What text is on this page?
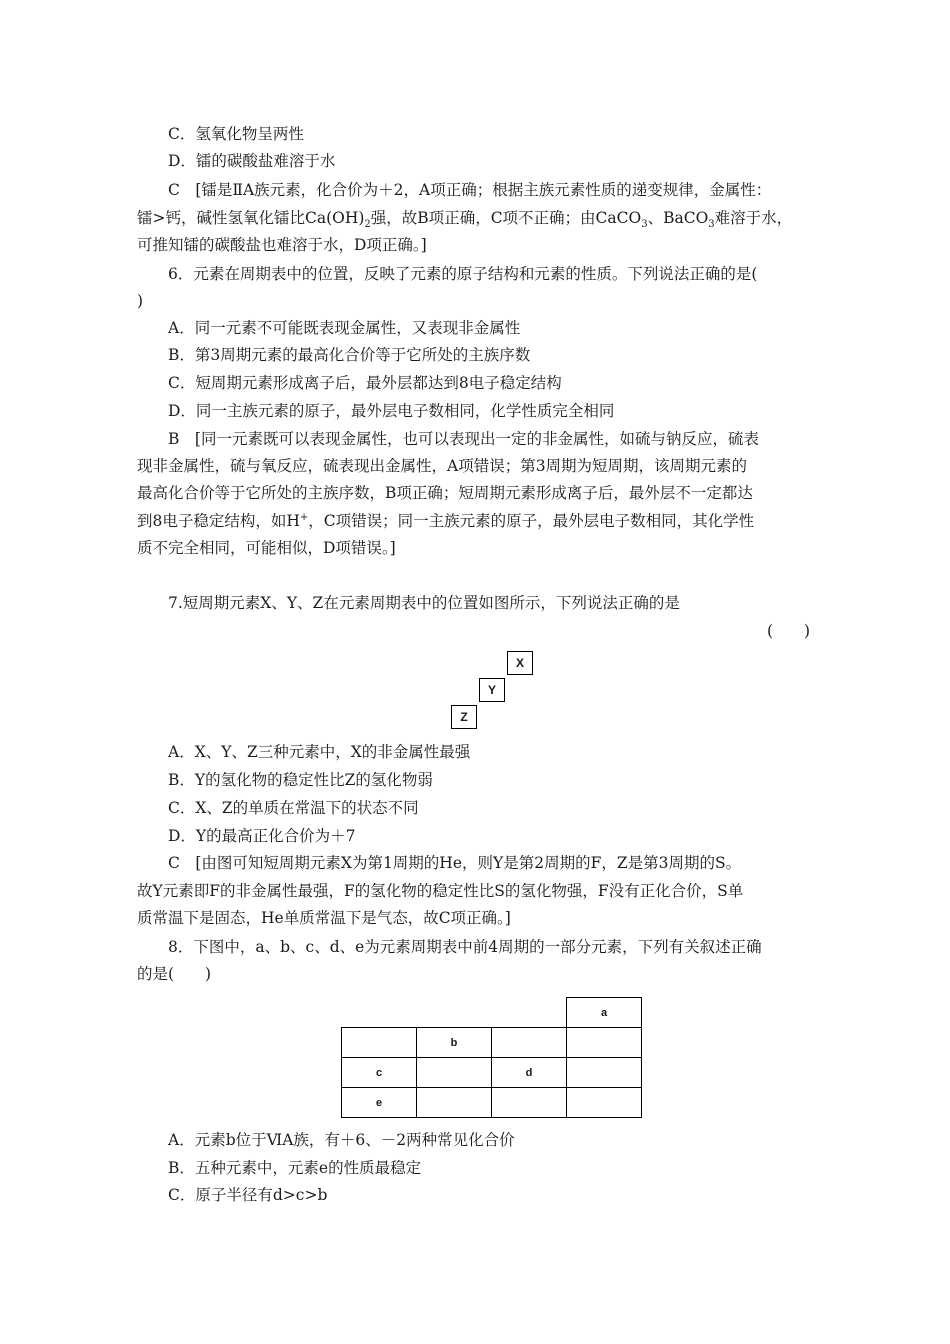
C．氢氧化物呈两性
D．镭的碳酸盐难溶于水
C　[镭是ⅡA族元素，化合价为＋2，A项正确；根据主族元素性质的递变规律，金属性：
镭>钙，碱性氢氧化镭比$Ca(OH)_2$强，故B项正确，C项不正确；由CaCO$_3$、BaCO$_3$难溶于水，
可推知镭的碳酸盐也难溶于水，D项正确。]
6．元素在周期表中的位置，反映了元素的原子结构和元素的性质。下列说法正确的是(
)
A．同一元素不可能既表现金属性，又表现非金属性
B．第3周期元素的最高化合价等于它所处的主族序数
C．短周期元素形成离子后，最外层都达到8电子稳定结构
D．同一主族元素的原子，最外层电子数相同，化学性质完全相同
B　[同一元素既可以表现金属性，也可以表现出一定的非金属性，如硫与钠反应，硫表
现非金属性，硫与氧反应，硫表现出金属性，A项错误；第3周期为短周期，该周期元素的
最高化合价等于它所处的主族序数，B项正确；短周期元素形成离子后，最外层不一定都达
到8电子稳定结构，如H+，C项错误；同一主族元素的原子，最外层电子数相同，其化学性
质不完全相同，可能相似，D项错误。]
7.短周期元素X、Y、Z在元素周期表中的位置如图所示，下列说法正确的是
(　　)
X
Y
Z
A．X、Y、Z三种元素中，X的非金属性最强
B．Y的氢化物的稳定性比Z的氢化物弱
C．X、Z的单质在常温下的状态不同
D．Y的最高正化合价为＋7
C　[由图可知短周期元素X为第1周期的He，则Y是第2周期的F，Z是第3周期的S。
故Y元素即F的非金属性最强，F的氢化物的稳定性比S的氢化物强，F没有正化合价，S单
质常温下是固态，He单质常温下是气态，故C项正确。]
8．下图中，a、b、c、d、e为元素周期表中前4周期的一部分元素，下列有关叙述正确
的是(　　)
			a
	b		
c		d	
e			
A．元素b位于ⅥA族，有＋6、－2两种常见化合价
B．五种元素中，元素e的性质最稳定
C．原子半径有d>c>b
